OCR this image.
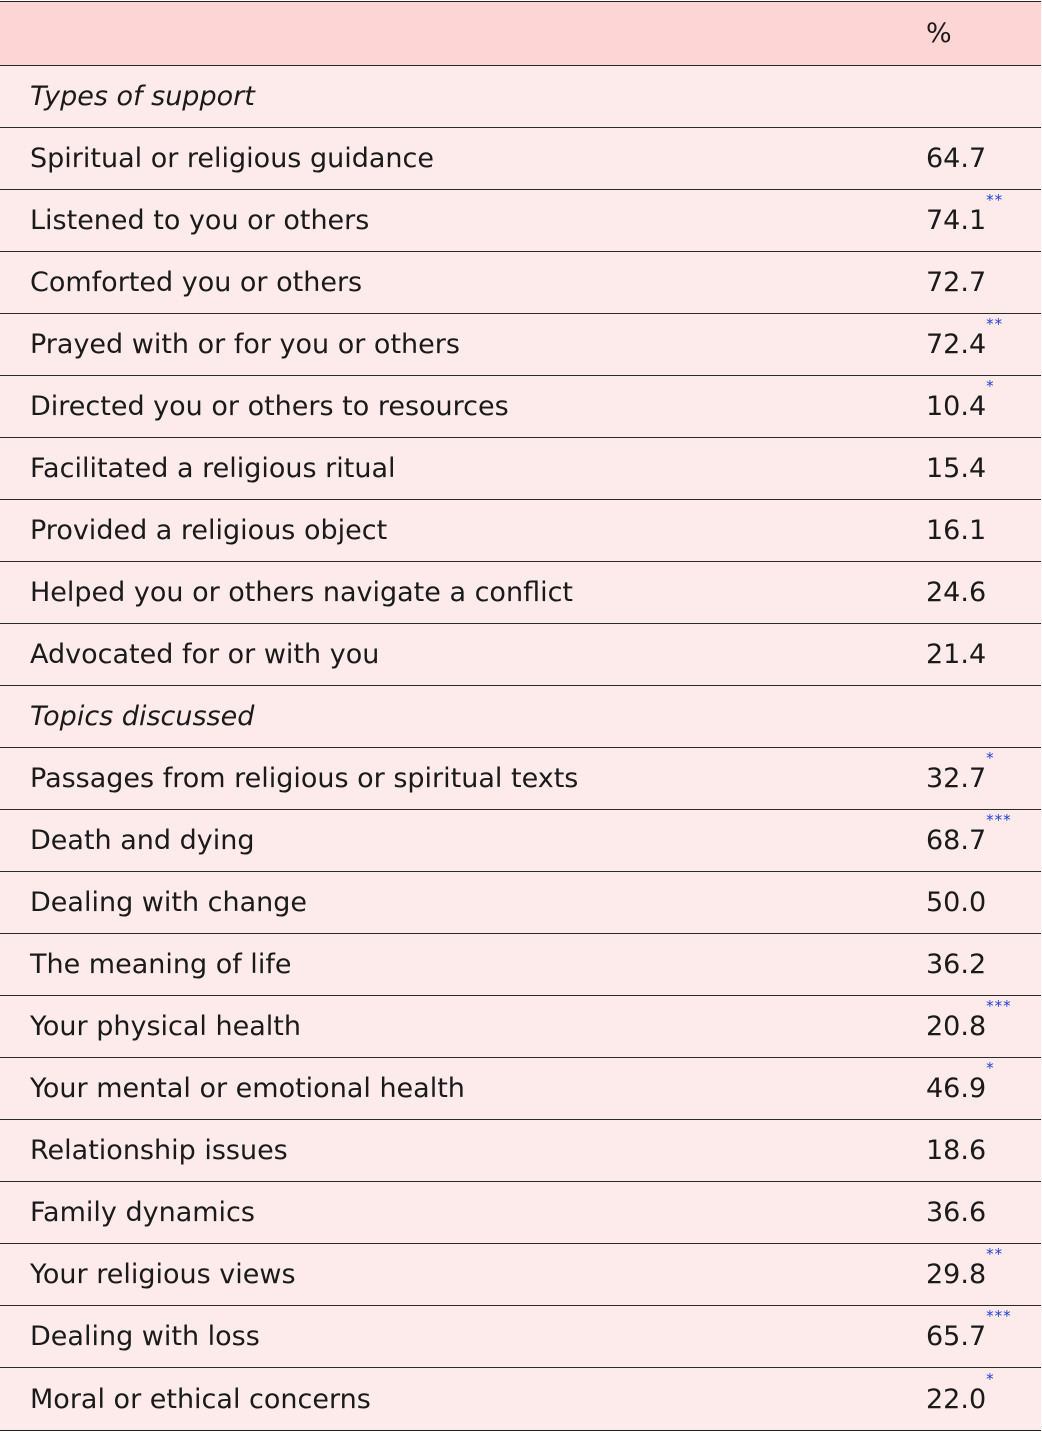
%
Types of support
Spiritual or religious guidance	64.7
Listened to you or others	74.1
**
Comforted you or others	72.7
Prayed with or for you or others	72.4
**
Directed you or others to resources	10.4
*
Facilitated a religious ritual	15.4
Provided a religious object	16.1
Helped you or others navigate a conflict	24.6
Advocated for or with you	21.4
Topics discussed
Passages from religious or spiritual texts	32.7
*
Death and dying	68.7
***
Dealing with change	50.0
The meaning of life	36.2
Your physical health	20.8
***
Your mental or emotional health	46.9
*
Relationship issues	18.6
Family dynamics	36.6
Your religious views	29.8
**
Dealing with loss	65.7
***
Moral or ethical concerns	22.0
*
